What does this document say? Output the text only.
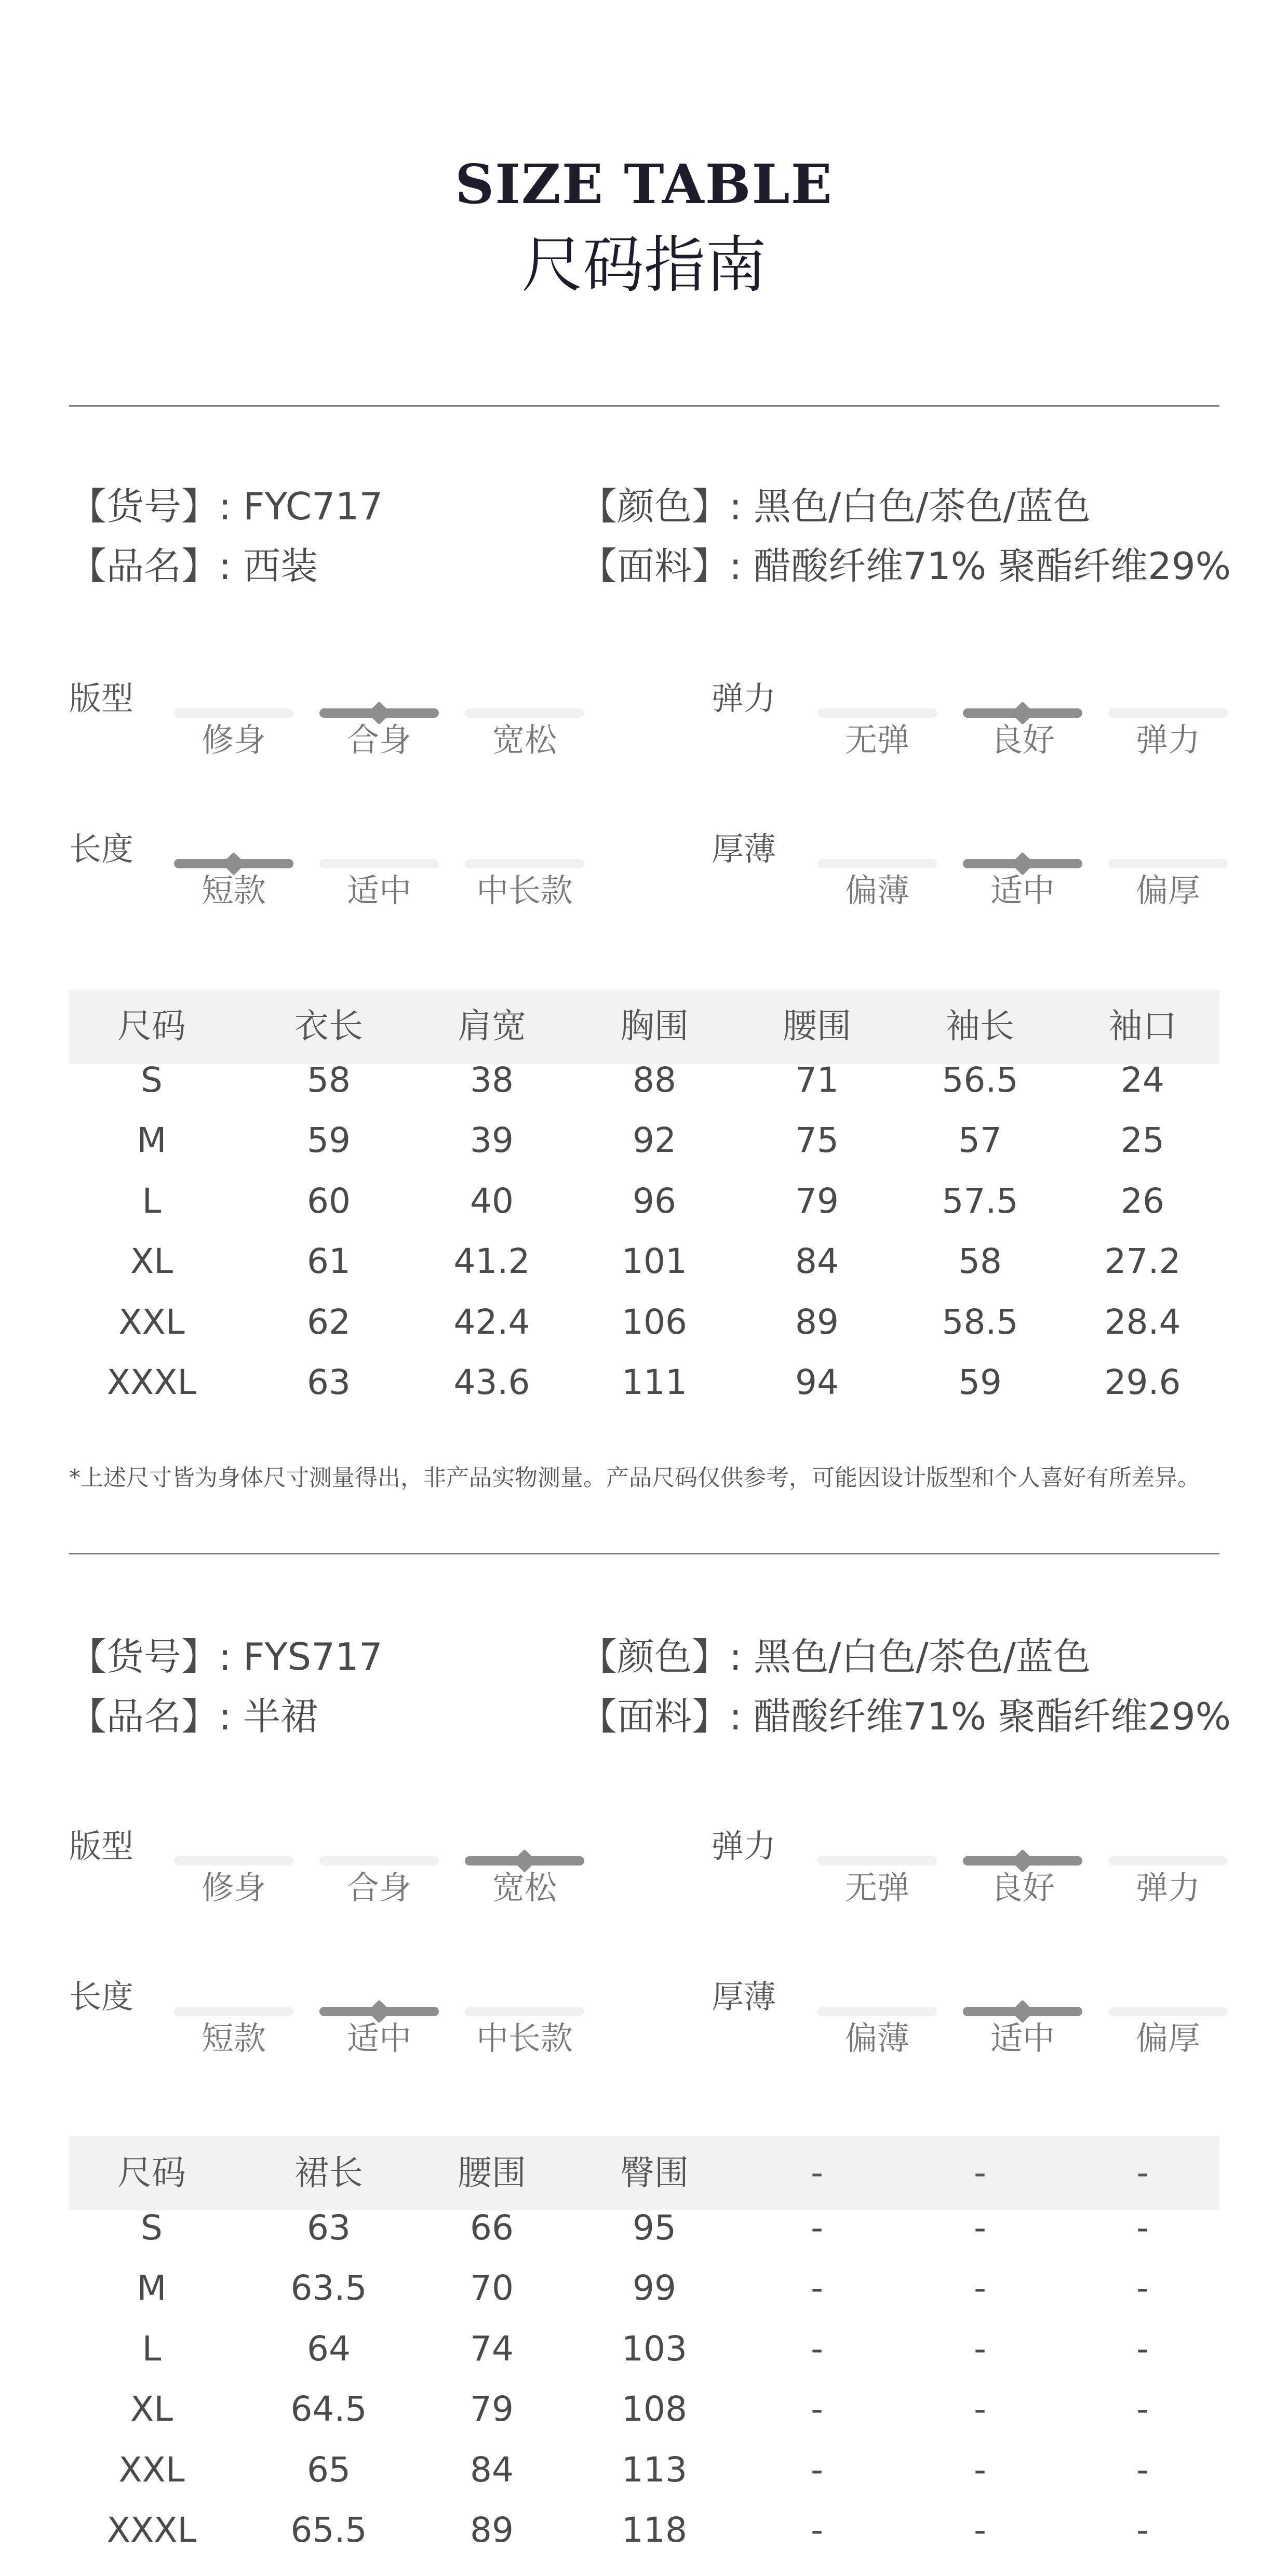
SIZE TABLE
尺码指南
【货号】: FYC717	【颜色】: 黑色/白色/茶色/蓝色
【品名】: 西装	【面料】: 醋酸纤维71% 聚酯纤维29%
版型
修身	合身	宽松
弹力
无弹	良好	弹力
长度
短款	适中	中长款
厚薄
偏薄	适中	偏厚
尺码	衣长	肩宽	胸围	腰围	袖长	袖口
S	58	38	88	71	56.5	24
M	59	39	92	75	57	25
L	60	40	96	79	57.5	26
XL	61	41.2	101	84	58	27.2
XXL	62	42.4	106	89	58.5	28.4
XXXL	63	43.6	111	94	59	29.6
*上述尺寸皆为身体尺寸测量得出，非产品实物测量。产品尺码仅供参考，可能因设计版型和个人喜好有所差异。
【货号】: FYS717	【颜色】: 黑色/白色/茶色/蓝色
【品名】: 半裙	【面料】: 醋酸纤维71% 聚酯纤维29%
版型
修身	合身	宽松
弹力
无弹	良好	弹力
长度
短款	适中	中长款
厚薄
偏薄	适中	偏厚
尺码	裙长	腰围	臀围	-	-	-
S	63	66	95	-	-	-
M	63.5	70	99	-	-	-
L	64	74	103	-	-	-
XL	64.5	79	108	-	-	-
XXL	65	84	113	-	-	-
XXXL	65.5	89	118	-	-	-
